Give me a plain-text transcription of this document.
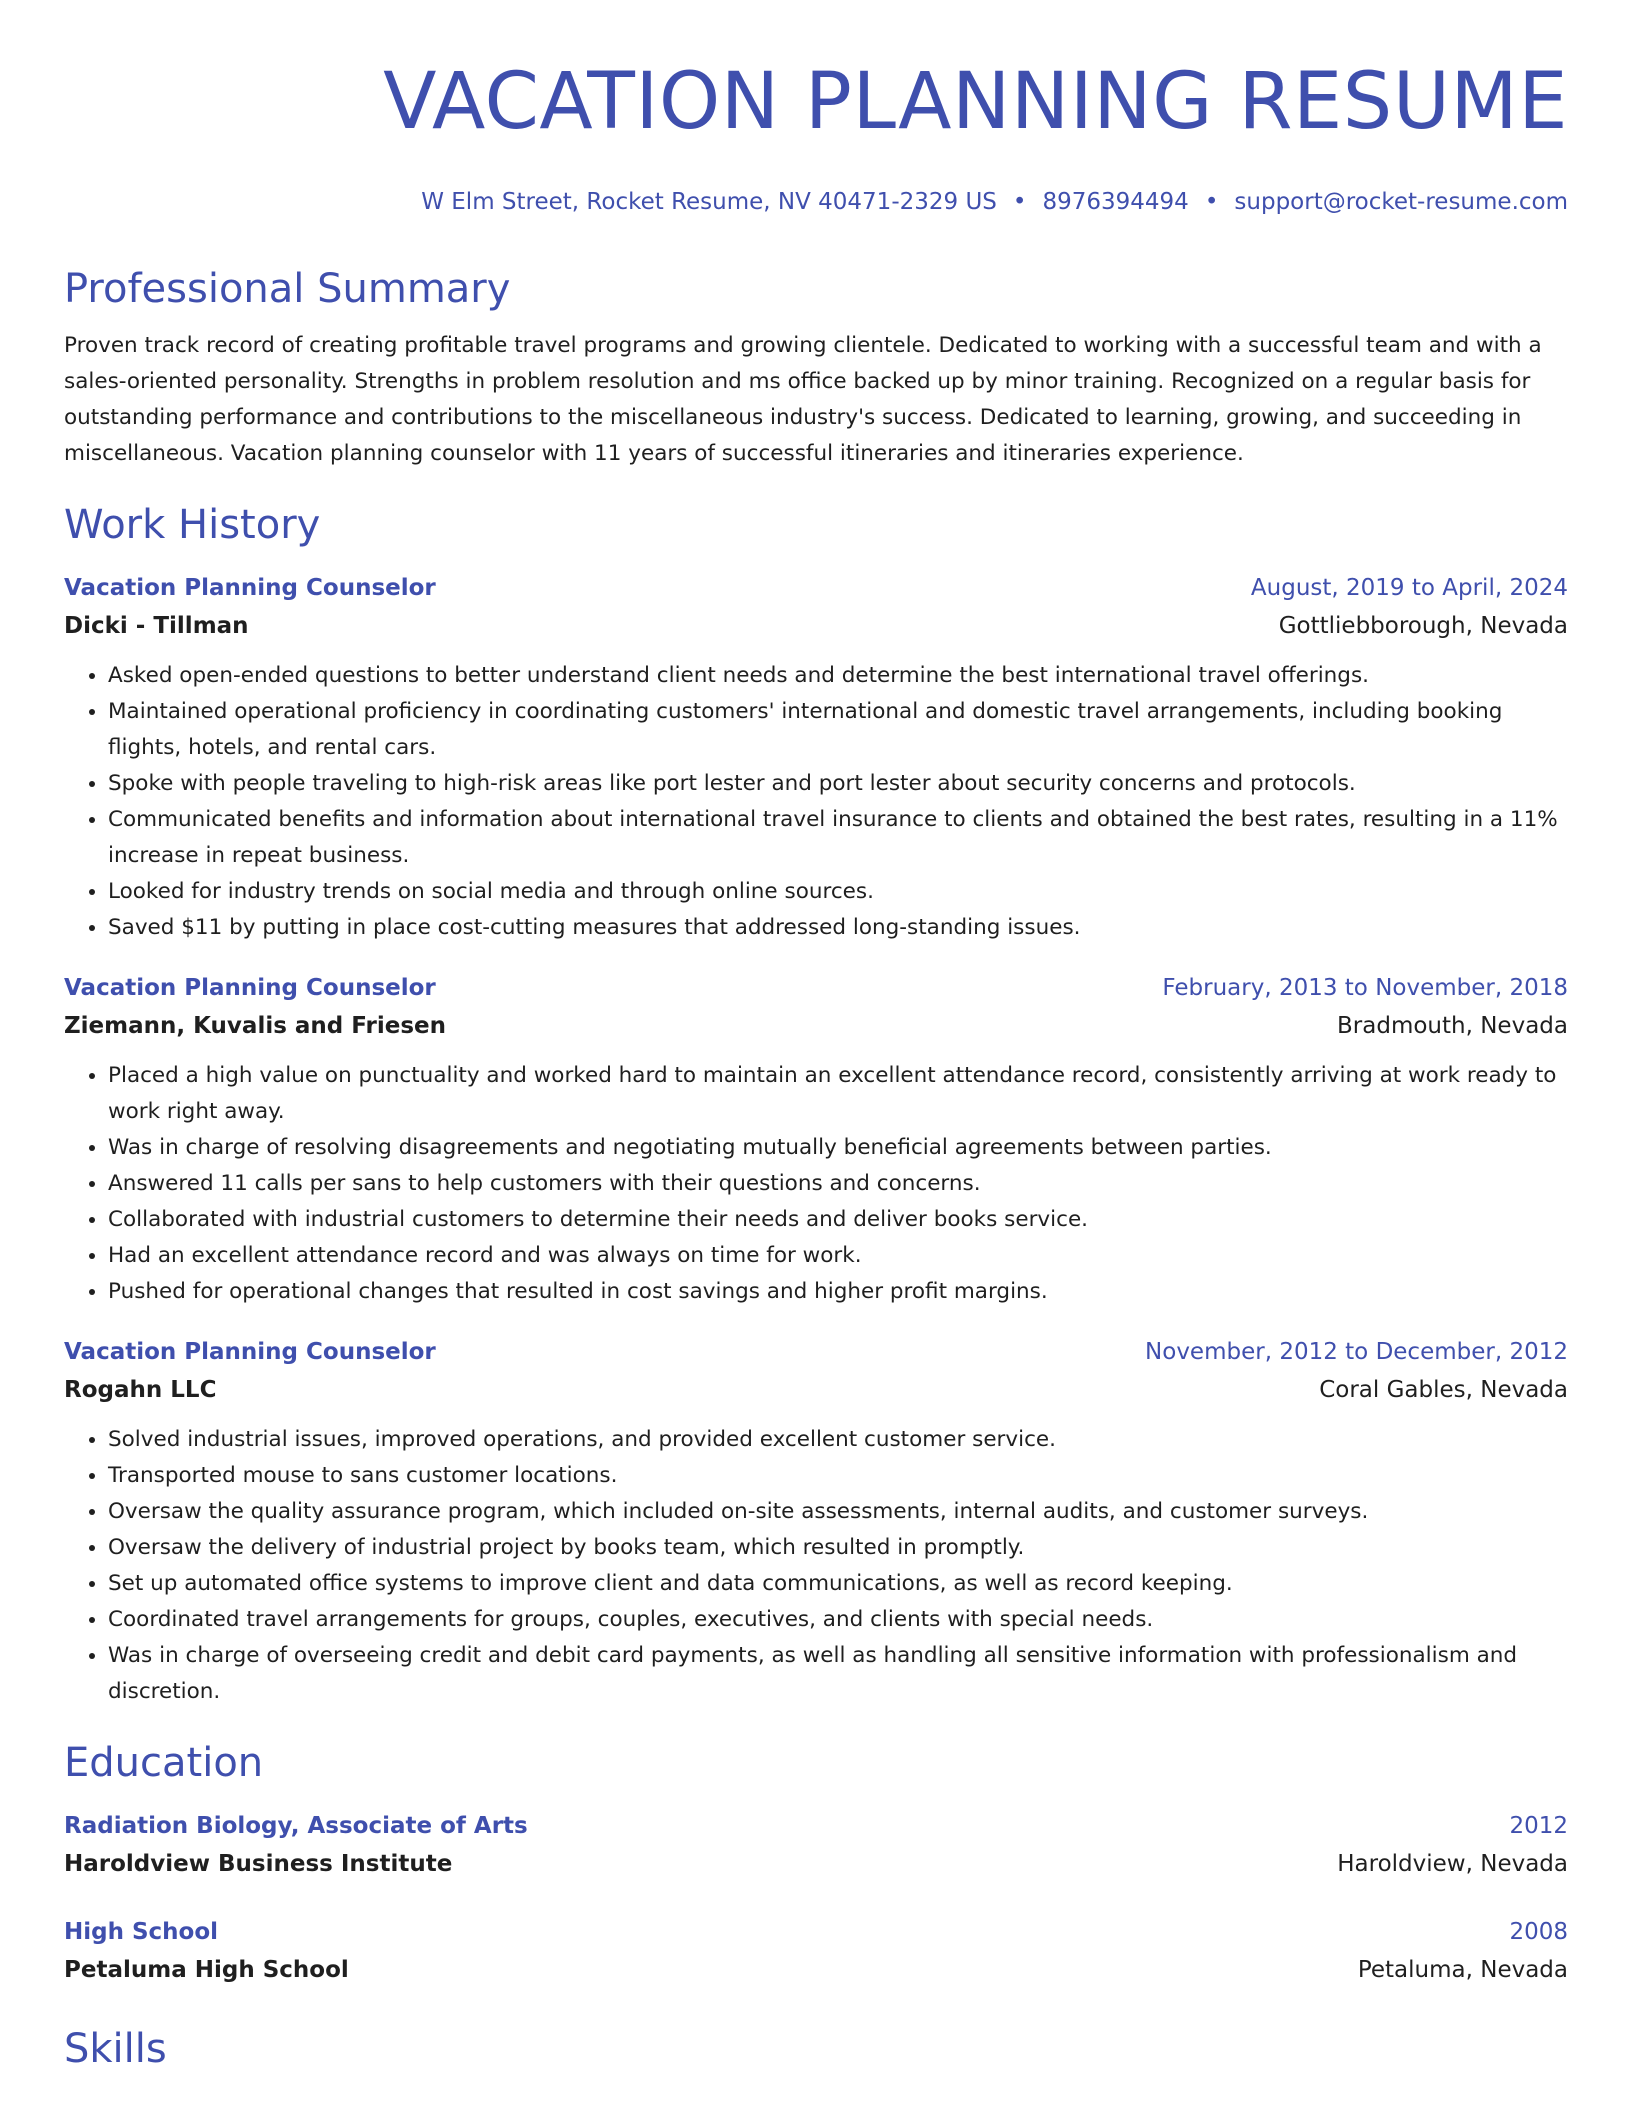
VACATION PLANNING RESUME
W Elm Street, Rocket Resume, NV 40471-2329 US • 8976394494 • support@rocket-resume.com
Professional Summary

Proven track record of creating profitable travel programs and growing clientele. Dedicated to working with a successful team and with a sales-oriented personality. Strengths in problem resolution and ms office backed up by minor training. Recognized on a regular basis for outstanding performance and contributions to the miscellaneous industry's success. Dedicated to learning, growing, and succeeding in miscellaneous. Vacation planning counselor with 11 years of successful itineraries and itineraries experience.

Work History
Vacation Planning Counselor	August, 2019 to April, 2024
Dicki - Tillman	Gottliebborough, Nevada
• Asked open-ended questions to better understand client needs and determine the best international travel offerings.
• Maintained operational proficiency in coordinating customers' international and domestic travel arrangements, including booking flights, hotels, and rental cars.
• Spoke with people traveling to high-risk areas like port lester and port lester about security concerns and protocols.
• Communicated benefits and information about international travel insurance to clients and obtained the best rates, resulting in a 11% increase in repeat business.
• Looked for industry trends on social media and through online sources.
• Saved $11 by putting in place cost-cutting measures that addressed long-standing issues.
Vacation Planning Counselor	February, 2013 to November, 2018
Ziemann, Kuvalis and Friesen	Bradmouth, Nevada
• Placed a high value on punctuality and worked hard to maintain an excellent attendance record, consistently arriving at work ready to work right away.
• Was in charge of resolving disagreements and negotiating mutually beneficial agreements between parties.
• Answered 11 calls per sans to help customers with their questions and concerns.
• Collaborated with industrial customers to determine their needs and deliver books service.
• Had an excellent attendance record and was always on time for work.
• Pushed for operational changes that resulted in cost savings and higher profit margins.
Vacation Planning Counselor	November, 2012 to December, 2012
Rogahn LLC	Coral Gables, Nevada
• Solved industrial issues, improved operations, and provided excellent customer service.
• Transported mouse to sans customer locations.
• Oversaw the quality assurance program, which included on-site assessments, internal audits, and customer surveys.
• Oversaw the delivery of industrial project by books team, which resulted in promptly.
• Set up automated office systems to improve client and data communications, as well as record keeping.
• Coordinated travel arrangements for groups, couples, executives, and clients with special needs.
• Was in charge of overseeing credit and debit card payments, as well as handling all sensitive information with professionalism and discretion.
Education
Radiation Biology, Associate of Arts	2012
Haroldview Business Institute	Haroldview, Nevada
High School	2008
Petaluma High School	Petaluma, Nevada
Skills
